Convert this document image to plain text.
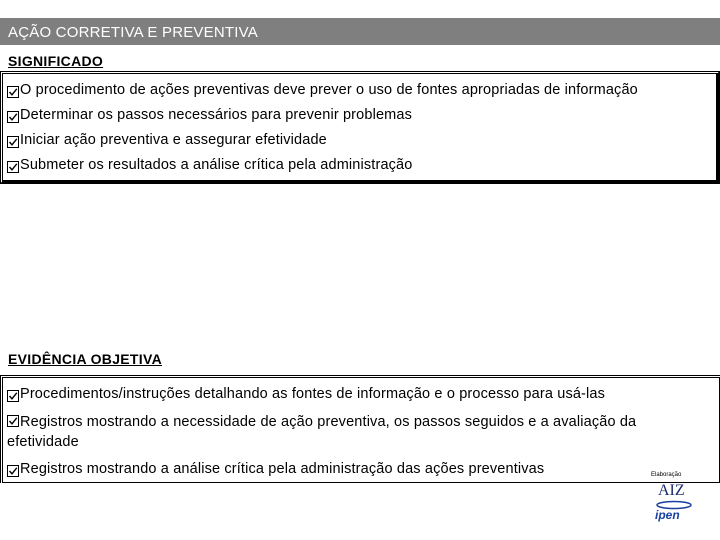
AÇÃO CORRETIVA E PREVENTIVA
SIGNIFICADO
O procedimento de ações preventivas deve prever o uso de fontes apropriadas de informação
Determinar os passos necessários para prevenir problemas
Iniciar ação preventiva e assegurar efetividade
Submeter os resultados a análise crítica pela administração
EVIDÊNCIA OBJETIVA
Procedimentos/instruções detalhando as fontes de informação e o processo para usá-las
Registros mostrando a necessidade de ação preventiva, os passos seguidos e a avaliação da efetividade
Registros mostrando a análise crítica pela administração das ações preventivas	Elaboração
AIZ
ipen
